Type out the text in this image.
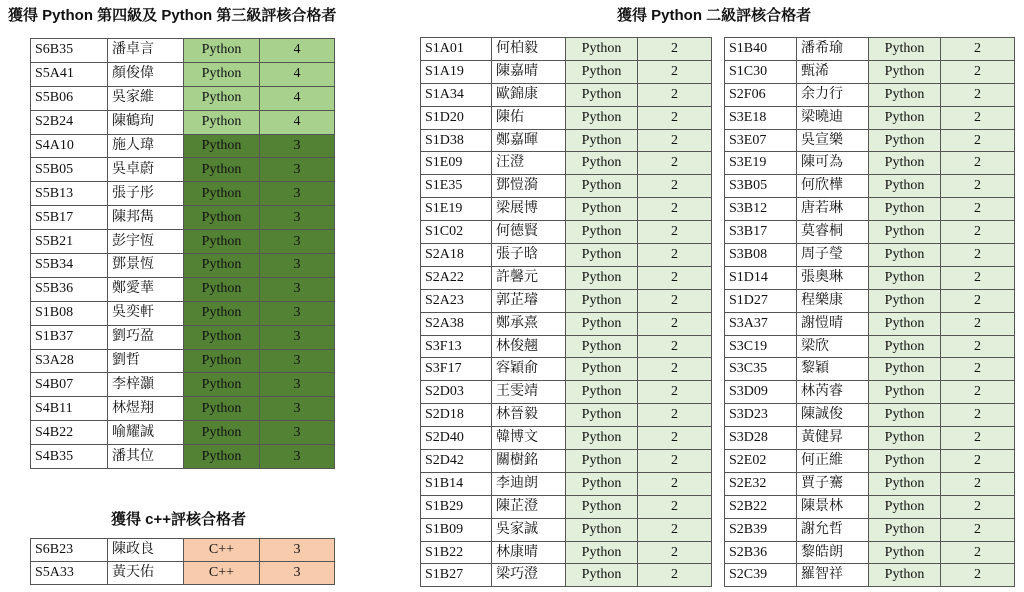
獲得 Python 第四級及 Python 第三級評核合格者
獲得 c++評核合格者
獲得 Python 二級評核合格者
S6B35	潘卓言	Python	4
S5A41	顏俊偉	Python	4
S5B06	吳家維	Python	4
S2B24	陳鶴珣	Python	4
S4A10	施人瑋	Python	3
S5B05	吳卓蔚	Python	3
S5B13	張子彤	Python	3
S5B17	陳邦雋	Python	3
S5B21	彭宇恆	Python	3
S5B34	鄧景恆	Python	3
S5B36	鄭愛華	Python	3
S1B08	吳奕軒	Python	3
S1B37	劉巧盈	Python	3
S3A28	劉哲	Python	3
S4B07	李梓灝	Python	3
S4B11	林煜翔	Python	3
S4B22	喻耀誠	Python	3
S4B35	潘其位	Python	3
S6B23	陳政良	C++	3
S5A33	黃天佑	C++	3
S1A01	何柏毅	Python	2
S1A19	陳嘉晴	Python	2
S1A34	歐錦康	Python	2
S1D20	陳佑	Python	2
S1D38	鄭嘉暉	Python	2
S1E09	汪澄	Python	2
S1E35	鄧愷漪	Python	2
S1E19	梁展博	Python	2
S1C02	何德賢	Python	2
S2A18	張子晗	Python	2
S2A22	許馨元	Python	2
S2A23	郭芷璿	Python	2
S2A38	鄭承熹	Python	2
S3F13	林俊翹	Python	2
S3F17	容穎俞	Python	2
S2D03	王雯靖	Python	2
S2D18	林晉毅	Python	2
S2D40	韓博文	Python	2
S2D42	關樹銘	Python	2
S1B14	李迪朗	Python	2
S1B29	陳芷澄	Python	2
S1B09	吳家誠	Python	2
S1B22	林康晴	Python	2
S1B27	梁巧澄	Python	2
S1B40	潘希瑜	Python	2
S1C30	甄浠	Python	2
S2F06	余力行	Python	2
S3E18	梁曉迪	Python	2
S3E07	吳宣樂	Python	2
S3E19	陳可為	Python	2
S3B05	何欣樺	Python	2
S3B12	唐若琳	Python	2
S3B17	莫睿桐	Python	2
S3B08	周子瑩	Python	2
S1D14	張奧琳	Python	2
S1D27	程樂康	Python	2
S3A37	謝愷晴	Python	2
S3C19	梁欣	Python	2
S3C35	黎穎	Python	2
S3D09	林芮睿	Python	2
S3D23	陳誠俊	Python	2
S3D28	黃健昇	Python	2
S2E02	何正維	Python	2
S2E32	賈子騫	Python	2
S2B22	陳景林	Python	2
S2B39	謝允哲	Python	2
S2B36	黎皓朗	Python	2
S2C39	羅智祥	Python	2
